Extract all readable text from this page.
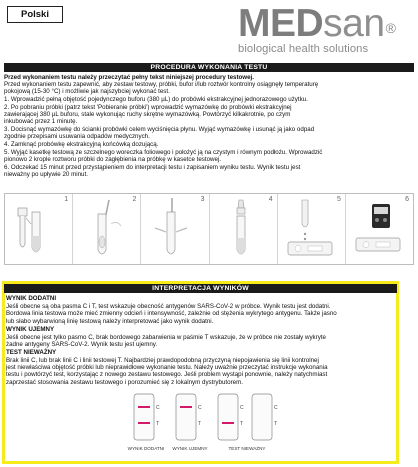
Polski	MEDsan®
biological health solutions
PROCEDURA WYKONANIA TESTU
Przed wykonaniem testu należy przeczytać pełny tekst niniejszej procedury testowej.
Przed wykonaniem testu zapewnić, aby zestaw testowy, próbki, bufor i/lub roztwór kontrolny osiągnęły temperaturę
pokojową (15-30 °C) i możliwie jak najszybciej wykonać test.
1. Wprowadzić pełną objętość pojedynczego buforu (380 µL) do probówki ekstrakcyjnej jednorazowego użytku.
2. Po pobraniu próbki (patrz tekst 'Pobieranie próbki') wprowadzić wymazówkę do probówki ekstrakcyjnej
zawierającej 380 µL buforu, stale wykonując ruchy skrętne wymazówką. Powtórzyć kilkakrotnie, po czym
inkubować przez 1 minutę.
3. Docisnąć wymazówkę do ścianki probówki celem wyciśnięcia płynu. Wyjąć wymazówkę i usunąć ją jako odpad
zgodnie przepisami usuwania odpadów medycznych.
4. Zamknąć probówkę ekstrakcyjną końcówką dozującą.
5. Wyjąć kasetkę testową ze szczelnego woreczka foliowego i położyć ją na czystym i równym podłożu. Wprowadzić
pionowo 2 krople roztworu próbki do zagłębienia na próbkę w kasetce testowej.
6. Odczekać 15 minut przed przystąpieniem do interpretacji testu i zapisaniem wyniku testu. Wynik testu jest
nieważny po upływie 20 minut.
1	2	3	4	5	6
INTERPRETACJA WYNIKÓW
WYNIK DODATNI
Jeśli obecne są oba pasma C i T, test wskazuje obecność antygenów SARS-CoV-2 w próbce. Wynik testu jest dodatni.
Bordowa linia testowa może mieć zmienny odcień i intensywność, zależnie od stężenia wykrytego antygenu. Także jasno
lub słabo wybarwioną linię testową należy interpretować jako wynik dodatni.
WYNIK UJEMNY
Jeśli obecne jest tylko pasmo C, brak bordowego zabarwienia w paśmie T wskazuje, że w próbce nie zostały wykryte
żadne antygeny SARS-CoV-2. Wynik testu jest ujemny.
TEST NIEWAŻNY
Brak linii C, lub brak linii C i linii testowej T. Najbardziej prawdopodobną przyczyną niepojawienia się linii kontrolnej
jest niewłaściwa objętość próbki lub nieprawidłowe wykonanie testu. Należy uważnie przeczytać instrukcje wykonania
testu i powtórzyć test, korzystając z nowego zestawu testowego. Jeśli problem wystąpi ponownie, należy natychmiast
zaprzestać stosowania zestawu testowego i porozumieć się z lokalnym dystrybutorem.
C
T
C
T
C
T
C
T
WYNIK DODATNI	WYNIK UJEMNY	TEST NIEWAŻNY
